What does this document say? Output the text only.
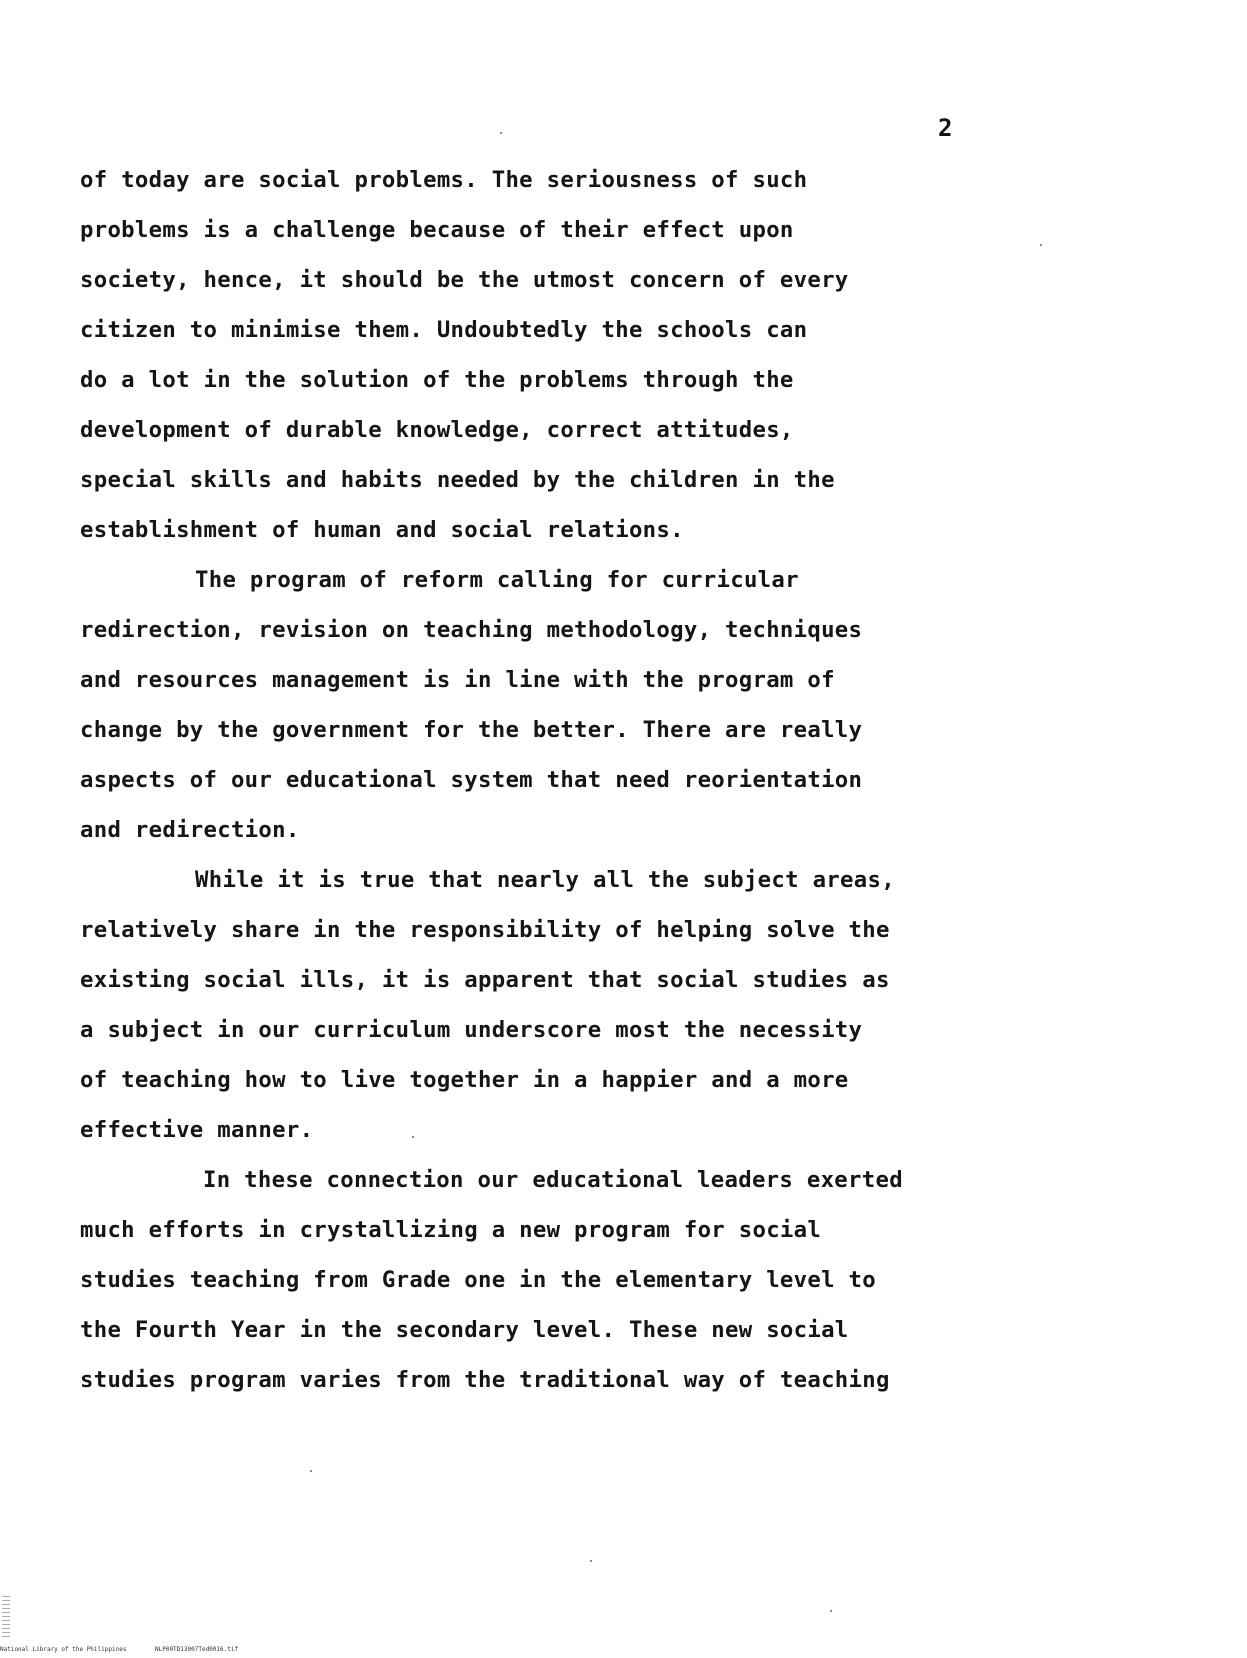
2
of today are social problems. The seriousness of such
problems is a challenge because of their effect upon
society, hence, it should be the utmost concern of every
citizen to minimise them. Undoubtedly the schools can
do a lot in the solution of the problems through the
development of durable knowledge, correct attitudes,
special skills and habits needed by the children in the
establishment of human and social relations.
The program of reform calling for curricular
redirection, revision on teaching methodology, techniques
and resources management is in line with the program of
change by the government for the better. There are really
aspects of our educational system that need reorientation
and redirection.
While it is true that nearly all the subject areas,
relatively share in the responsibility of helping solve the
existing social ills, it is apparent that social studies as
a subject in our curriculum underscore most the necessity
of teaching how to live together in a happier and a more
effective manner.
In these connection our educational leaders exerted
much efforts in crystallizing a new program for social
studies teaching from Grade one in the elementary level to
the Fourth Year in the secondary level. These new social
studies program varies from the traditional way of teaching
National Library of the Philippines	NLP00TD13007Ted0016.tif
